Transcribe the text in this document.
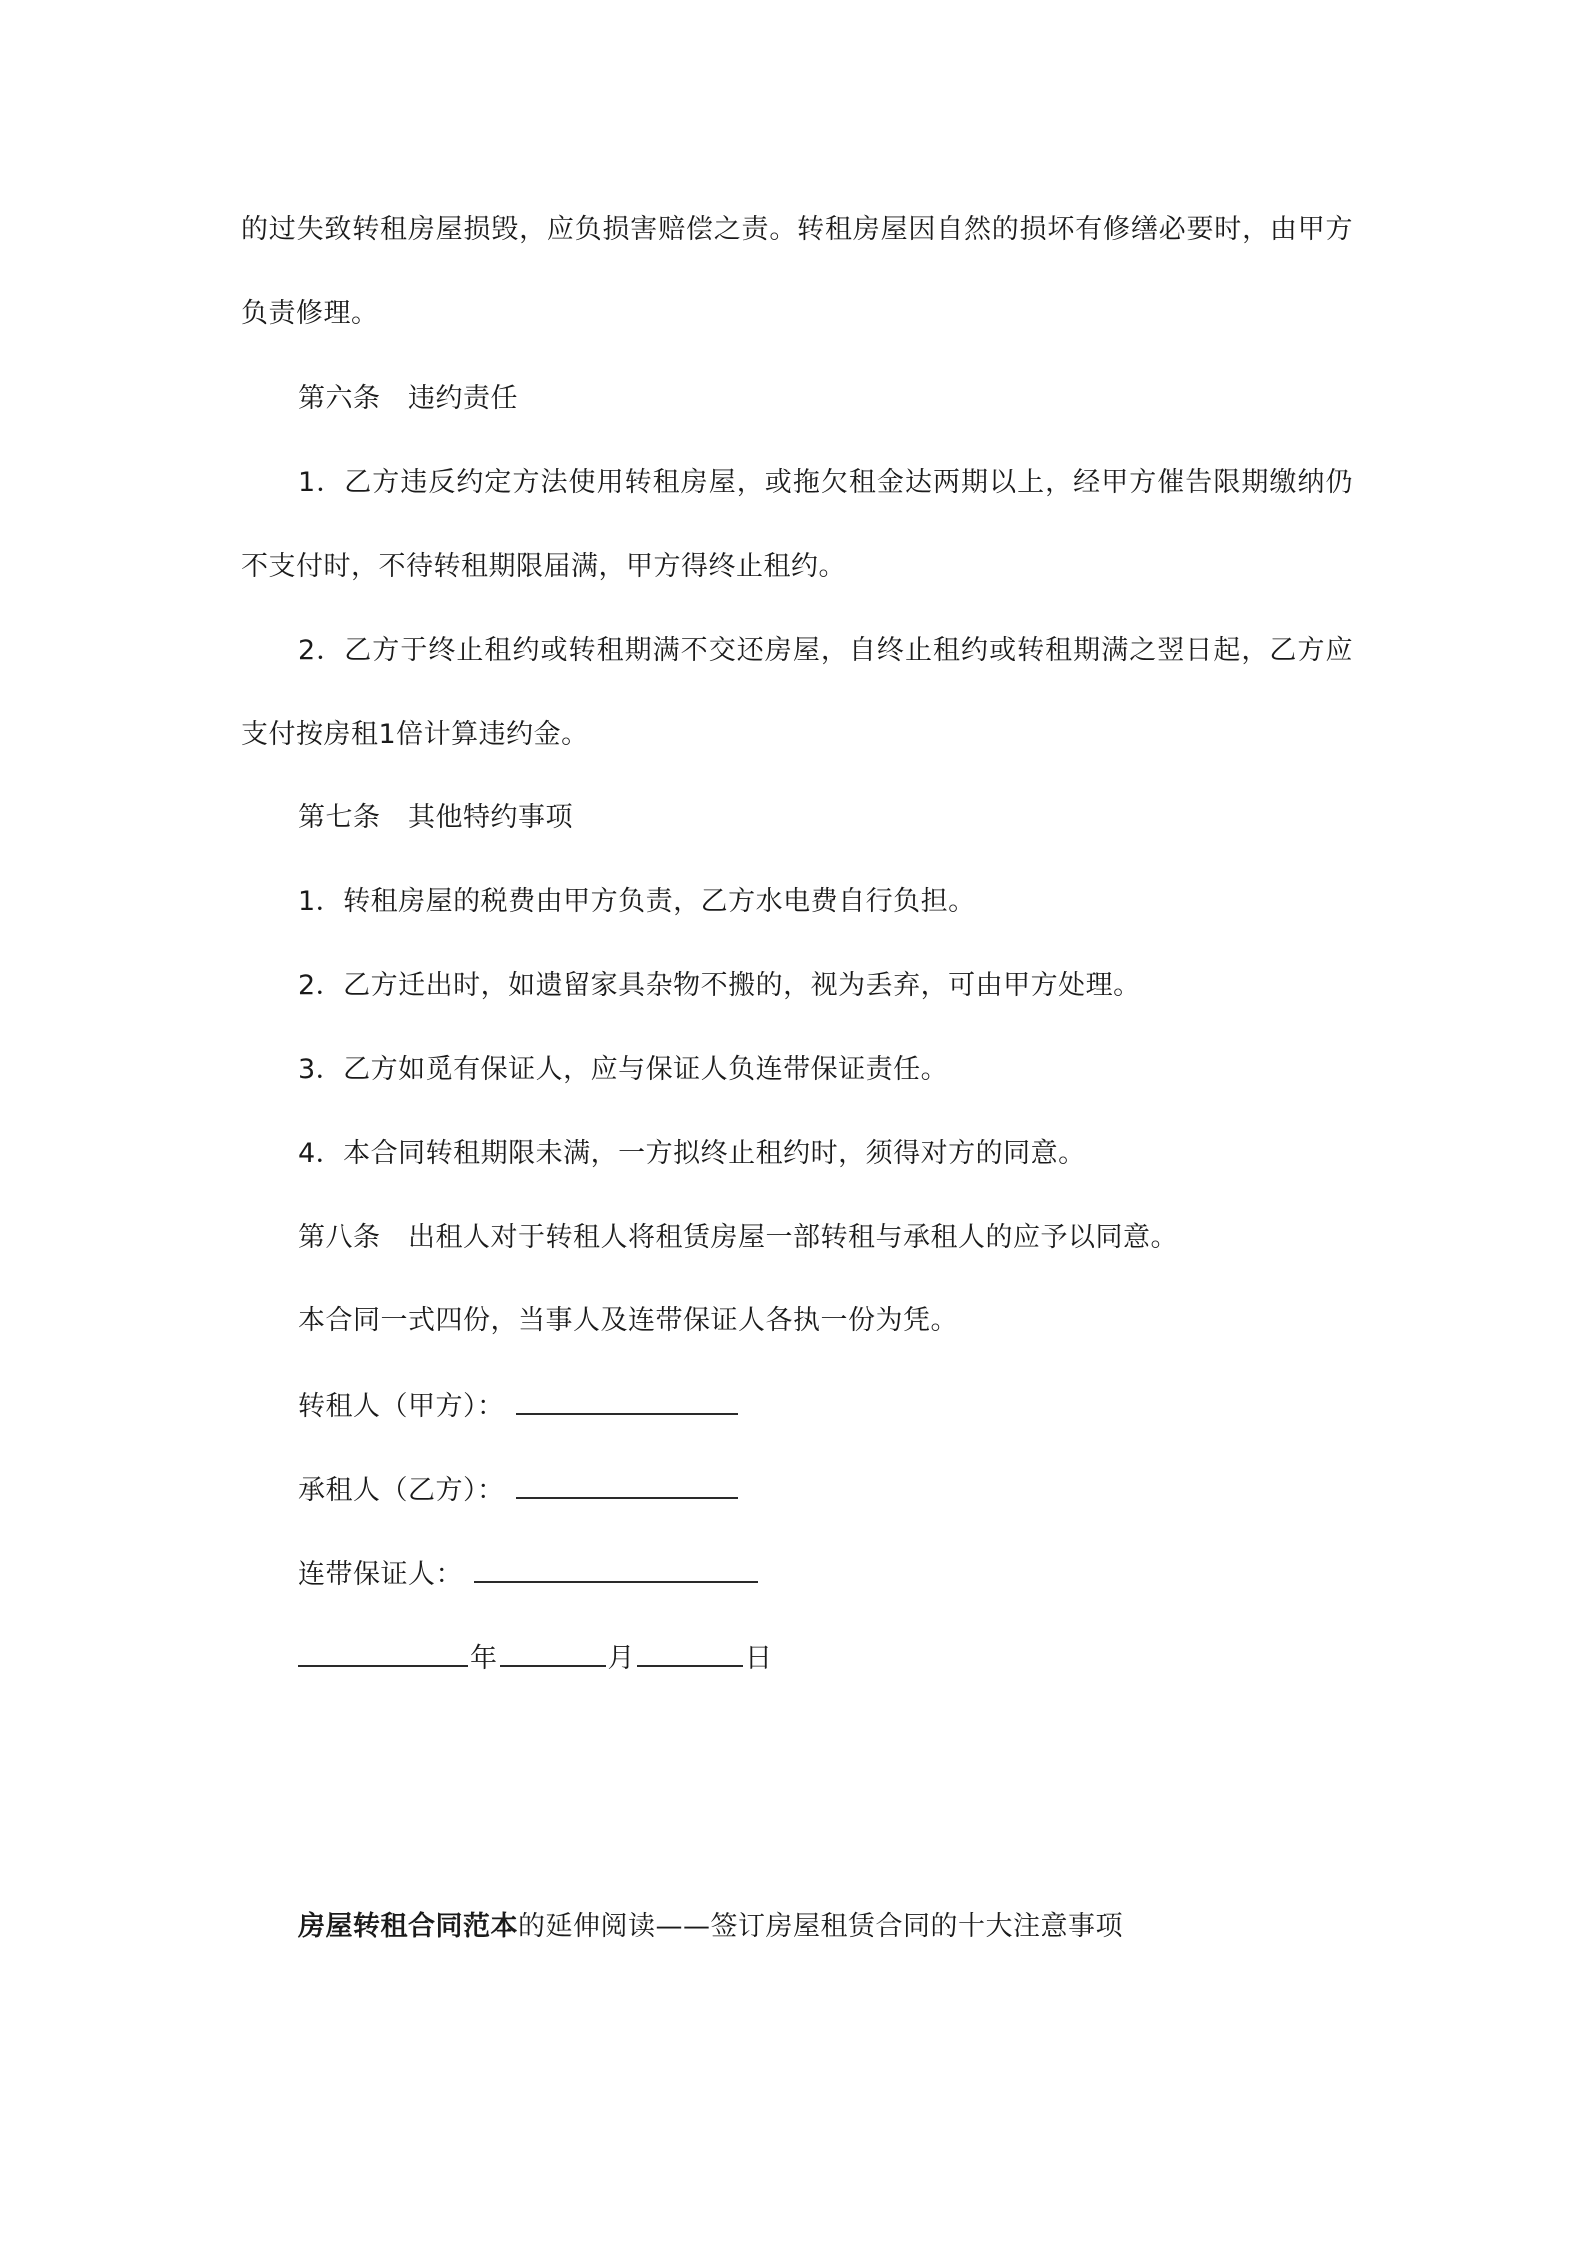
的过失致转租房屋损毁，应负损害赔偿之责。转租房屋因自然的损坏有修缮必要时，由甲方
负责修理。
第六条　违约责任
1．乙方违反约定方法使用转租房屋，或拖欠租金达两期以上，经甲方催告限期缴纳仍
不支付时，不待转租期限届满，甲方得终止租约。
2．乙方于终止租约或转租期满不交还房屋，自终止租约或转租期满之翌日起，乙方应
支付按房租1倍计算违约金。
第七条　其他特约事项
1．转租房屋的税费由甲方负责，乙方水电费自行负担。
2．乙方迁出时，如遗留家具杂物不搬的，视为丢弃，可由甲方处理。
3．乙方如觅有保证人，应与保证人负连带保证责任。
4．本合同转租期限未满，一方拟终止租约时，须得对方的同意。
第八条　出租人对于转租人将租赁房屋一部转租与承租人的应予以同意。
本合同一式四份，当事人及连带保证人各执一份为凭。
转租人（甲方）：
承租人（乙方）：
连带保证人：
年	月	日
房屋转租合同范本的延伸阅读——签订房屋租赁合同的十大注意事项
